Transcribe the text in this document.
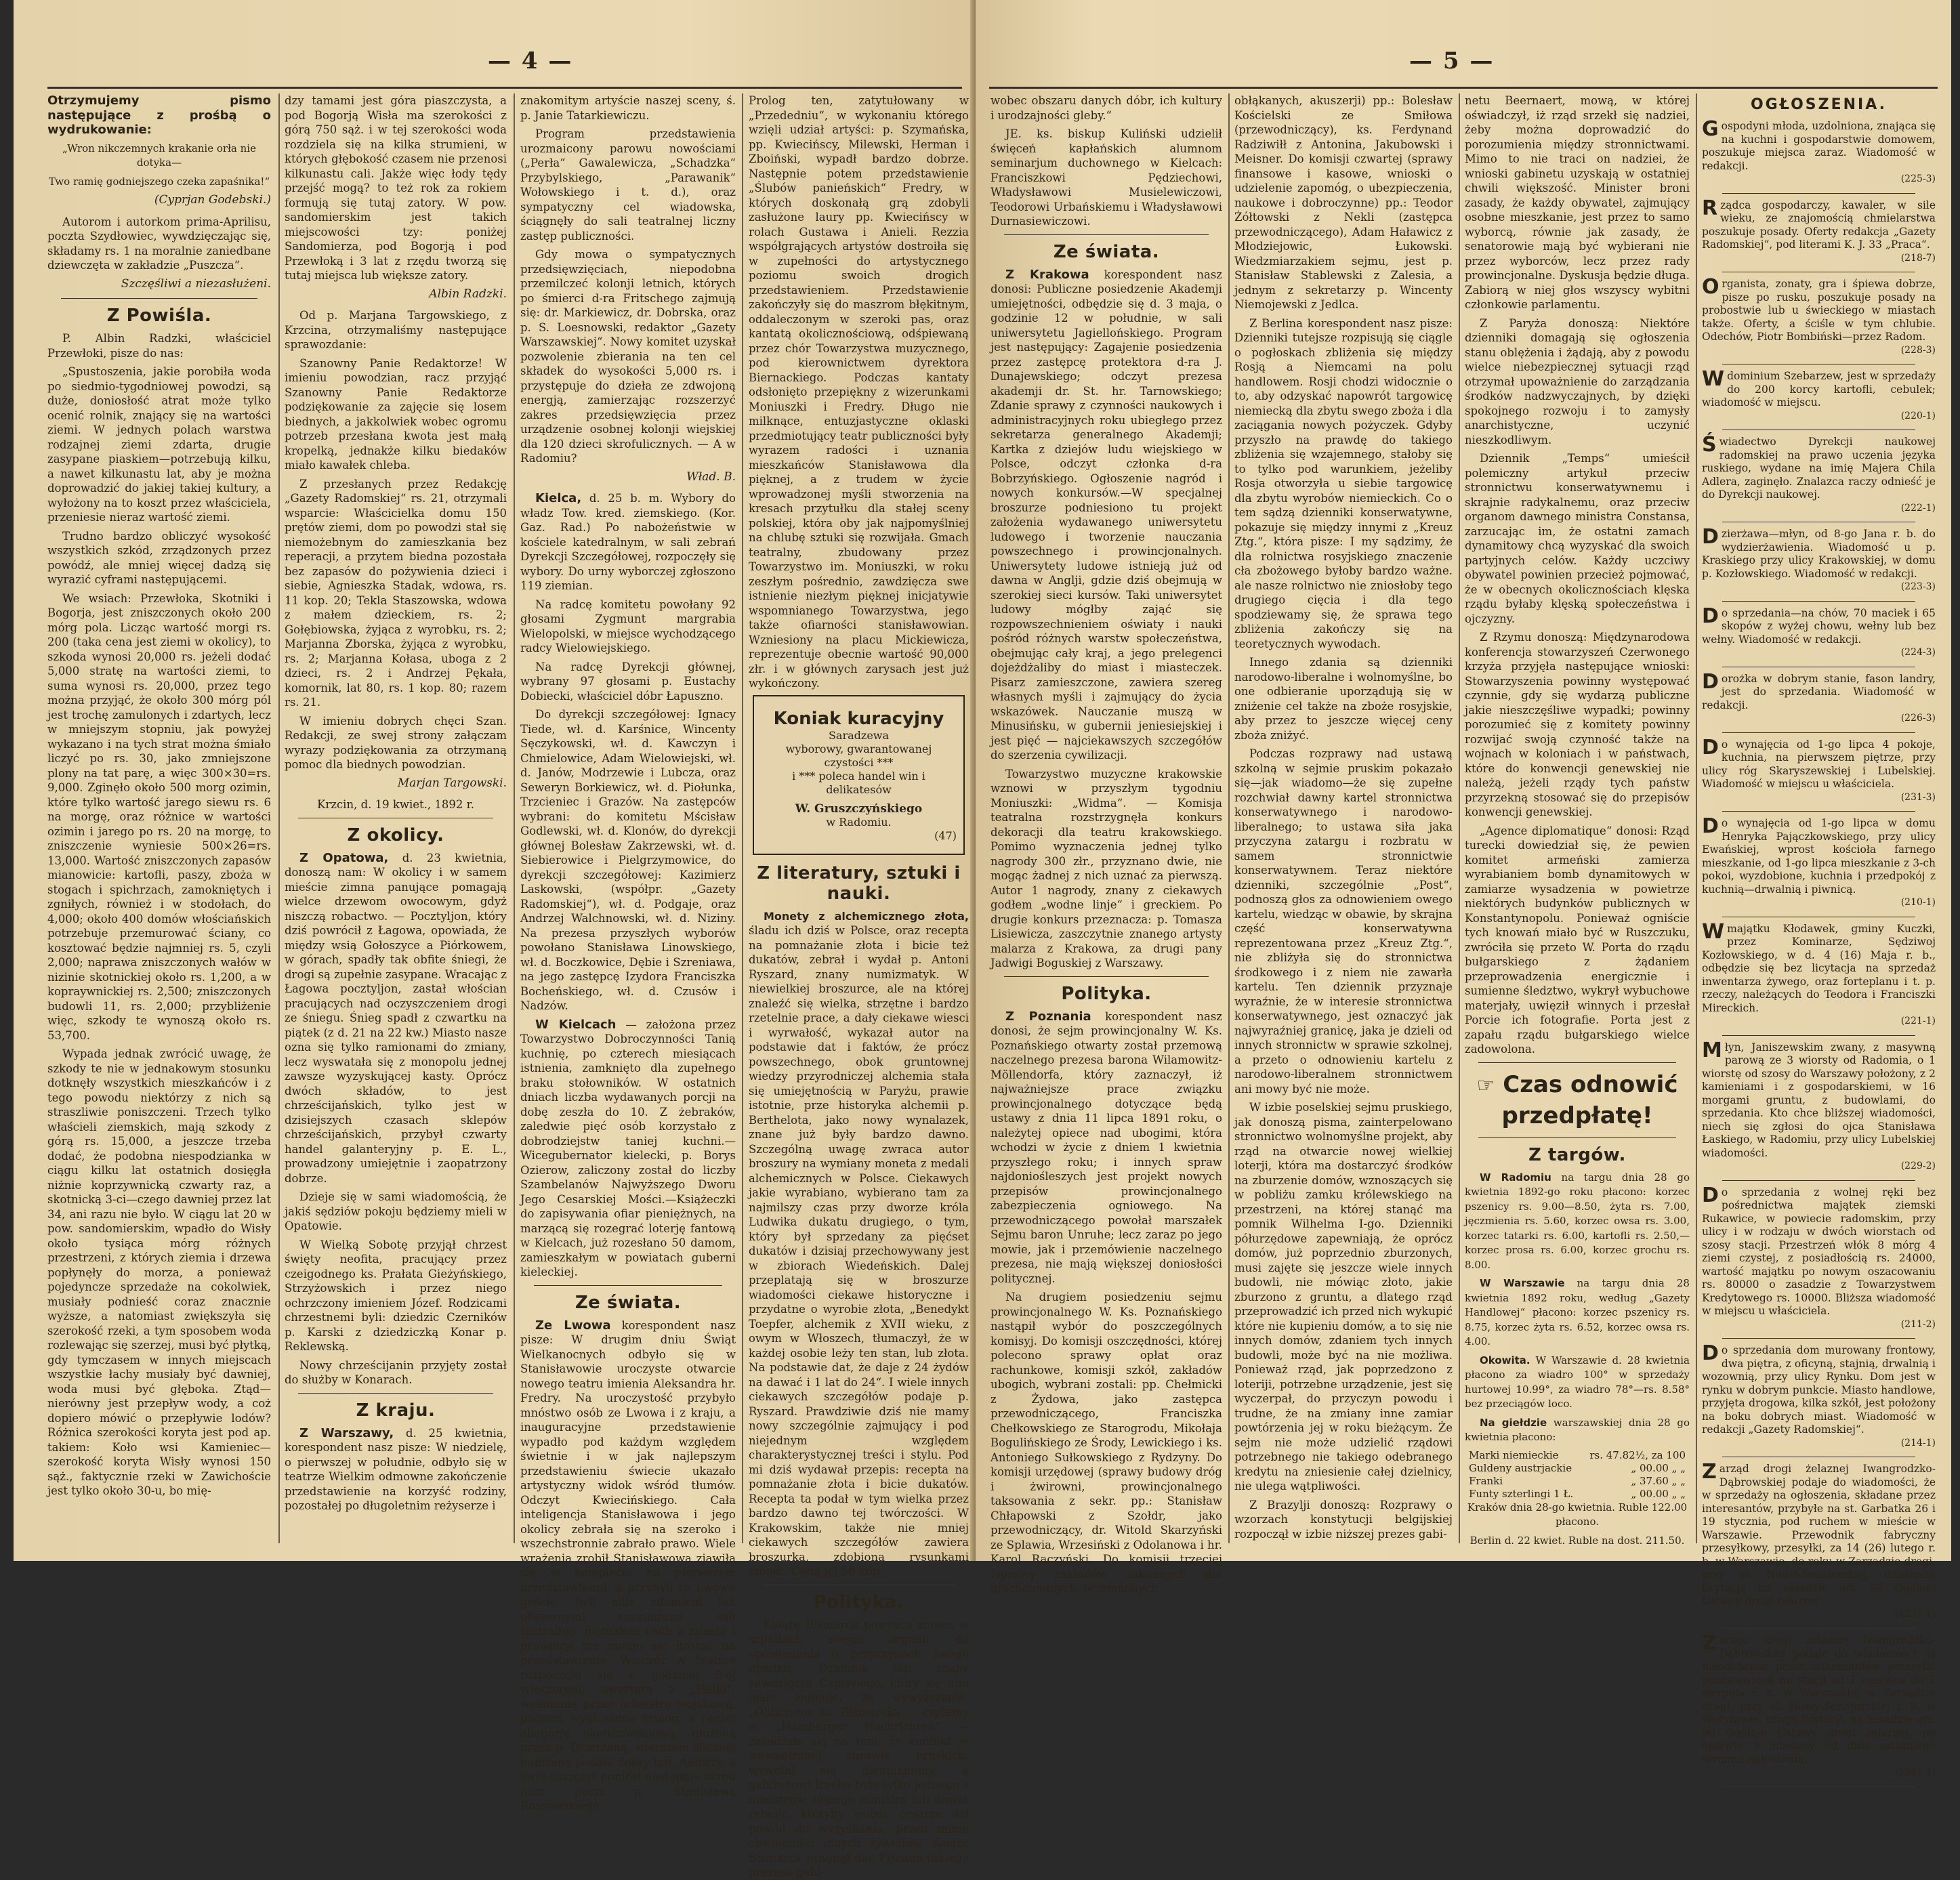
— 4 —

Otrzymujemy pismo następujące z prośbą o wydrukowanie:

„Wron nikczemnych krakanie orła nie dotyka—

Two ramię godniejszego czeka zapaśnika!“

(Cyprjan Godebski.)

Autorom i autorkom prima-Aprilisu, poczta Szydłowiec, wywdzięczając się, składamy rs. 1 na moralnie zaniedbane dziewczęta w zakładzie „Puszcza“.

Szczęśliwi a niezasłużeni.

Z Powiśla.

P. Albin Radzki, właściciel Przewłoki, pisze do nas:

„Spustoszenia, jakie porobiła woda po siedmio-tygodniowej powodzi, są duże, doniosłość atrat może tylko ocenić rolnik, znający się na wartości ziemi. W jednych polach warstwa rodzajnej ziemi zdarta, drugie zasypane piaskiem—potrzebują kilku, a nawet kilkunastu lat, aby je można doprowadzić do jakiej takiej kultury, a wyłożony na to koszt przez właściciela, przeniesie nieraz wartość ziemi.

Trudno bardzo obliczyć wysokość wszystkich szkód, zrządzonych przez powódź, ale mniej więcej dadzą się wyrazić cyframi następującemi.

We wsiach: Przewłoka, Skotniki i Bogorja, jest zniszczonych około 200 mórg pola. Licząc wartość morgi rs. 200 (taka cena jest ziemi w okolicy), to szkoda wynosi 20,000 rs. jeżeli dodać 5,000 stratę na wartości ziemi, to suma wynosi rs. 20,000, przez tego można przyjąć, że około 300 mórg pól jest trochę zamulonych i zdartych, lecz w mniejszym stopniu, jak powyżej wykazano i na tych strat można śmiało liczyć po rs. 30, jako zmniejszone plony na tat parę, a więc 300×30=rs. 9,000. Zginęło około 500 morg ozimin, które tylko wartość jarego siewu rs. 6 na morgę, oraz różnice w wartości ozimin i jarego po rs. 20 na morgę, to zniszczenie wyniesie 500×26=rs. 13,000. Wartość zniszczonych zapasów mianowicie: kartofli, paszy, zboża w stogach i spichrzach, zamokniętych i zgniłych, również i w stodołach, do 4,000; około 400 domów włościańskich potrzebuje przemurować ściany, co kosztować będzie najmniej rs. 5, czyli 2,000; naprawa zniszczonych wałów w nizinie skotnickiej około rs. 1,200, a w kopraywnickiej rs. 2,500; zniszczonych budowli 11, rs. 2,000; przybliżenie więc, szkody te wynoszą około rs. 53,700.

Wypada jednak zwrócić uwagę, że szkody te nie w jednakowym stosunku dotknęły wszystkich mieszkańców i z tego powodu niektórzy z nich są straszliwie poniszczeni. Trzech tylko właścieli ziemskich, mają szkody z górą rs. 15,000, a jeszcze trzeba dodać, że podobna niespodzianka w ciągu kilku lat ostatnich dosięgła niżnie koprzywnicką czwarty raz, a skotnicką 3-ci—czego dawniej przez lat 34, ani razu nie było. W ciągu lat 20 w pow. sandomierskim, wpadło do Wisły około tysiąca mórg różnych przestrzeni, z których ziemia i drzewa popłynęły do morza, a ponieważ pojedyncze sprzedaże na cokolwiek, musiały podnieść coraz znacznie wyższe, a natomiast zwiększyła się szerokość rzeki, a tym sposobem woda rozlewając się szerzej, musi być płytką, gdy tymczasem w innych miejscach wszystkie łachy musiały być dawniej, woda musi być głęboka. Ztąd—nierówny jest przepływ wody, a coż dopiero mówić o przepływie lodów? Różnica szerokości koryta jest pod ap. takiem: Koło wsi Kamieniec—szerokość koryta Wisły wynosi 150 sąż., faktycznie rzeki w Zawichoście jest tylko około 30-u, bo mię-

dzy tamami jest góra piaszczysta, a pod Bogorją Wisła ma szerokości z górą 750 sąż. i w tej szerokości woda rozdziela się na kilka strumieni, w których głębokość czasem nie przenosi kilkunastu cali. Jakże więc łody tędy przejść mogą? to też rok za rokiem formują się tutaj zatory. W pow. sandomierskim jest takich miejscowości tzy: poniżej Sandomierza, pod Bogorją i pod Przewłoką i 3 lat z rzędu tworzą się tutaj miejsca lub większe zatory.

Albin Radzki.

Od p. Marjana Targowskiego, z Krzcina, otrzymaliśmy następujące sprawozdanie:

Szanowny Panie Redaktorze! W imieniu powodzian, racz przyjąć Szanowny Panie Redaktorze podziękowanie za zajęcie się losem biednych, a jakkolwiek wobec ogromu potrzeb przesłana kwota jest małą kropelką, jednakże kilku biedaków miało kawałek chleba.

Z przesłanych przez Redakcję „Gazety Radomskiej“ rs. 21, otrzymali wsparcie: Właścicielka domu 150 prętów ziemi, dom po powodzi stał się niemożebnym do zamieszkania bez reperacji, a przytem biedna pozostała bez zapasów do pożywienia dzieci i siebie, Agnieszka Stadak, wdowa, rs. 11 kop. 20; Tekla Staszowska, wdowa z małem dzieckiem, rs. 2; Gołębiowska, żyjąca z wyrobku, rs. 2; Marjanna Zborska, żyjąca z wyrobku, rs. 2; Marjanna Kołasa, uboga z 2 dzieci, rs. 2 i Andrzej Pękała, komornik, lat 80, rs. 1 kop. 80; razem rs. 21.

W imieniu dobrych chęci Szan. Redakcji, ze swej strony załączam wyrazy podziękowania za otrzymaną pomoc dla biednych powodzian.

Marjan Targowski.

Krzcin, d. 19 kwiet., 1892 r.

Z okolicy.

Z Opatowa, d. 23 kwietnia, donoszą nam: W okolicy i w samem mieście zimna panujące pomagają wielce drzewom owocowym, gdyż niszczą robactwo. — Pocztyljon, który dziś powrócił z Łagowa, opowiada, że między wsią Gołoszyce a Piórkowem, w górach, spadły tak obfite śniegi, że drogi są zupełnie zasypane. Wracając z Łagowa pocztyljon, zastał włościan pracujących nad oczyszczeniem drogi ze śniegu. Śnieg spadł z czwartku na piątek (z d. 21 na 22 kw.) Miasto nasze ozna się tylko ramionami do zmiany, lecz wyswatała się z monopolu jednej zawsze wyzyskującej kasty. Oprócz dwóch składów, to jest chrześcijańskich, tylko jest w dzisiejszych czasach sklepów chrześcijańskich, przybył czwarty handel galanteryjny p. E. L., prowadzony umiejętnie i zaopatrzony dobrze.

Dzieje się w sami wiadomością, że jakiś sędziów pokoju będziemy mieli w Opatowie.

W Wielką Sobotę przyjął chrzest święty neofita, pracujący przez czeigodnego ks. Prałata Gieżyńskiego, Strzyżowskich i przez niego ochrzczony imieniem Józef. Rodzicami chrzestnemi byli: dziedzic Czerników p. Karski z dziedziczką Konar p. Reklewską.

Nowy chrześcijanin przyjęty został do służby w Konarach.

Z kraju.

Z Warszawy, d. 25 kwietnia, korespondent nasz pisze: W niedzielę, o pierwszej w południe, odbyło się w teatrze Wielkim odmowne zakończenie przedstawienie na korzyść rodziny, pozostałej po długoletnim reżyserze i

znakomitym artyście naszej sceny, ś. p. Janie Tatarkiewiczu.

Program przedstawienia urozmaicony parowu nowościami („Perła“ Gawalewicza, „Schadzka“ Przybylskiego, „Parawanik“ Wołowskiego i t. d.), oraz sympatyczny cel wiadowska, ściągnęły do sali teatralnej liczny zastęp publiczności.

Gdy mowa o sympatycznych przedsięwzięciach, niepodobna przemilczeć kolonji letnich, których po śmierci d-ra Fritschego zajmują się: dr. Markiewicz, dr. Dobrska, oraz p. S. Loesnowski, redaktor „Gazety Warszawskiej“. Nowy komitet uzyskał pozwolenie zbierania na ten cel składek do wysokości 5,000 rs. i przystępuje do dzieła ze zdwojoną energją, zamierzając rozszerzyć zakres przedsięwzięcia przez urządzenie osobnej kolonji wiejskiej dla 120 dzieci skrofulicznych. — A w Radomiu?

Wład. B.

Kielca, d. 25 b. m. Wybory do władz Tow. kred. ziemskiego. (Kor. Gaz. Rad.) Po nabożeństwie w kościele katedralnym, w sali zebrań Dyrekcji Szczegółowej, rozpoczęły się wybory. Do urny wyborczej zgłoszono 119 ziemian.

Na radcę komitetu powołany 92 głosami Zygmunt margrabia Wielopolski, w miejsce wychodzącego radcy Wielowiejskiego.

Na radcę Dyrekcji głównej, wybrany 97 głosami p. Eustachy Dobiecki, właściciel dóbr Łapuszno.

Do dyrekcji szczegółowej: Ignacy Tiede, wł. d. Karśnice, Wincenty Sęczykowski, wł. d. Kawczyn i Chmielowice, Adam Wielowiejski, wł. d. Janów, Modrzewie i Lubcza, oraz Seweryn Borkiewicz, wł. d. Piołunka, Trzcieniec i Grazów. Na zastępców wybrani: do komitetu Mścisław Godlewski, wł. d. Klonów, do dyrekcji głównej Bolesław Zakrzewski, wł. d. Siebierowice i Pielgrzymowice, do dyrekcji szczegółowej: Kazimierz Laskowski, (współpr. „Gazety Radomskiej“), wł. d. Podgaje, oraz Andrzej Walchnowski, wł. d. Niziny. Na prezesa przyszłych wyborów powołano Stanisława Linowskiego, wł. d. Boczkowice, Dębie i Szreniawa, na jego zastępcę Izydora Franciszka Bocheńskiego, wł. d. Czusów i Nadzów.

W Kielcach — założona przez Towarzystwo Dobroczynności Tanią kuchnię, po czterech miesiącach istnienia, zamknięto dla zupełnego braku stołowników. W ostatnich dniach liczba wydawanych porcji na dobę zeszła do 10. Z żebraków, zaledwie pięć osób korzystało z dobrodziejstw taniej kuchni.—Wicegubernator kielecki, p. Borys Ozierow, zaliczony został do liczby Szambelanów Najwyższego Dworu Jego Cesarskiej Mości.—Książeczki do zapisywania ofiar pieniężnych, na marzącą się rozegrać loterję fantową w Kielcach, już rozesłano 50 damom, zamieszkałym w powiatach guberni kieleckiej.

Ze świata.

Ze Lwowa korespondent nasz pisze: W drugim dniu Świąt Wielkanocnych odbyło się w Stanisławowie uroczyste otwarcie nowego teatru imienia Aleksandra hr. Fredry. Na uroczystość przybyło mnóstwo osób ze Lwowa i z kraju, a inauguracyjne przedstawienie wypadło pod każdym względem świetnie i w jak najlepszym przedstawieniu świecie ukazało artystyczny widok wśród tłumów. Odczyt Kwiecińskiego. Cała inteligencja Stanisławowa i jego okolicy zebrała się na szeroko i wszechstronnie zabrało prawo. Wiele wrażenia zrobił Stanisławowa zjawiła się w komplecie na pierwszem przedstawieniu, a przybyli ze Lwowa goście, byli mile zdumieni tak obszernymi rozmiarami sali teatralnej, niemałem osób z miasta i prowincji nie mogło się dostać na przedstawienie. Wieczór w teatrze rozpoczęło się o godzinie 8-ej wieczorem, uwerturą z „Halki“, wykonaną przez orkiestrę wojskową, poczem wygłoszono prolog, a raczej allegorję okolicznościową, ułożoną przez p. Dzierżaną, wierszem ślicznie napisaną podała dobry ton. Aktorzy, a swój zaszczyt poniósł następnie ośród nam poczt p. Stanisława Rossowskiego.

Prolog ten, zatytułowany w „Przededniu“, w wykonaniu którego wzięli udział artyści: p. Szymańska, pp. Kwiecińscy, Milewski, Herman i Zboiński, wypadł bardzo dobrze. Następnie potem przedstawienie „Ślubów panieńskich“ Fredry, w których doskonałą grą zdobyli zasłużone laury pp. Kwiecińscy w rolach Gustawa i Anieli. Rezzia współgrających artystów dostroiła się w zupełności do artystycznego poziomu swoich drogich przedstawieniem. Przedstawienie zakończyły się do maszrom błękitnym, oddaleczonym w szeroki pas, oraz kantatą okolicznościową, odśpiewaną przez chór Towarzystwa muzycznego, pod kierownictwem dyrektora Biernackiego. Podczas kantaty odsłonięto przepiękny z wizerunkami Moniuszki i Fredry. Długo nie milknące, entuzjastyczne oklaski przedmiotujący teatr publiczności były wyrazem radości i uznania mieszkańców Stanisławowa dla pięknej, a z trudem w życie wprowadzonej myśli stworzenia na kresach przytułku dla stałej sceny polskiej, która oby jak najpomyślniej na chlubę sztuki się rozwijała. Gmach teatralny, zbudowany przez Towarzystwo im. Moniuszki, w roku zeszłym pośrednio, zawdzięcza swe istnienie niezłym pięknej inicjatywie wspomnianego Towarzystwa, jego także ofiarności stanisławowian. Wzniesiony na placu Mickiewicza, reprezentuje obecnie wartość 90,000 złr. i w głównych zarysach jest już wykończony.

Koniak kuracyjny
Saradzewa
wyborowy, gwarantowanej czystości ***
i *** poleca handel win i delikatesów
W. Gruszczyńskiego
w Radomiu.
(47)
Z literatury, sztuki i nauki.

Monety z alchemicznego złota, śladu ich dziś w Polsce, oraz recepta na pomnażanie złota i bicie też dukatów, zebrał i wydał p. Antoni Ryszard, znany numizmatyk. W niewielkiej broszurce, ale na której znaleźć się wielka, strzętne i bardzo rzetelnie prace, a dały ciekawe wiesci i wyrwałość, wykazał autor na podstawie dat i faktów, że prócz powszechnego, obok gruntownej wiedzy przyrodniczej alchemia stała się umiejętnością w Paryżu, prawie istotnie, prze historyka alchemii p. Berthelota, jako nowy wynalazek, znane już były bardzo dawno. Szczególną uwagę zwraca autor broszury na wymiany moneta z medali alchemicznych w Polsce. Ciekawych jakie wyrabiano, wybierano tam za najmilszy czas przy dworze króla Ludwika dukatu drugiego, o tym, który był sprzedany za pięćset dukatów i dzisiaj przechowywany jest w zbiorach Wiedeńskich. Dalej przeplatają się w broszurze wiadomości ciekawe historyczne i przydatne o wyrobie złota, „Benedykt Toepfer, alchemik z XVII wieku, z owym w Włoszech, tłumaczył, że w każdej osobie leży ten stan, lub złota. Na podstawie dat, że daje z 24 żydów na dawać i 1 lat do 24“. I wiele innych ciekawych szczegółów podaje p. Ryszard. Prawdziwie dziś nie mamy nowy szczególnie zajmujący i pod niejednym względem charakterystycznej treści i stylu. Pod mi dziś wydawał przepis: recepta na pomnażanie złota i bicie dukatów. Recepta ta podał w tym wielka przez bardzo dawno tej twórczości. W Krakowskim, także nie mniej ciekawych szczegółów zawiera broszurka, zdobiona rysunkami monet. Cena jej 50 kop.

Polityka.

Książę Bismarck powraca znowu w szpaltach swego organu do opowiadania o przyczynach swego upadku. Dziennik ten znany zawdzięcza Capriviego, który się nim mało zajmuje, że wywyższenie. „Obliczenie ks. Bismarcka — czytamy w „Hamburger Nachrichten“ — zasadzało się na tem, że konflikt w wewnętrznej sprawie pruskich, wywołał się nieunikniony, a gabinetowi trzeba było tylko jednego z ministrów, tęgiego ministra lub nawet rebelje, któryby wobec cesarza dał powód do wyzyskania, przed mimo chwiejności innych żywiołów. Książę Bismarck pragnął dać Prusom takiego prezesa gabi-

— 5 —

wobec obszaru danych dóbr, ich kultury i urodzajności gleby.“

JE. ks. biskup Kuliński udzielił święceń kapłańskich alumnom seminarjum duchownego w Kielcach: Franciszkowi Pędziechowi, Władysławowi Musielewiczowi, Teodorowi Urbańskiemu i Władysławowi Durnasiewiczowi.

Ze świata.

Z Krakowa korespondent nasz donosi: Publiczne posiedzenie Akademji umiejętności, odbędzie się d. 3 maja, o godzinie 12 w południe, w sali uniwersytetu Jagiellońskiego. Program jest następujący: Zagajenie posiedzenia przez zastępcę protektora d-ra J. Dunajewskiego; odczyt prezesa akademji dr. St. hr. Tarnowskiego; Zdanie sprawy z czynności naukowych i administracyjnych roku ubiegłego przez sekretarza generalnego Akademji; Kartka z dziejów ludu wiejskiego w Polsce, odczyt członka d-ra Bobrzyńskiego. Ogłoszenie nagród i nowych konkursów.—W specjalnej broszurze podniesiono tu projekt założenia wydawanego uniwersytetu ludowego i tworzenie nauczania powszechnego i prowincjonalnych. Uniwersytety ludowe istnieją już od dawna w Anglji, gdzie dziś obejmują w szerokiej sieci kursów. Taki uniwersytet ludowy mógłby zająć się rozpowszechnieniem oświaty i nauki pośród różnych warstw społeczeństwa, obejmując cały kraj, a jego prelegenci dojeżdżaliby do miast i miasteczek. Pisarz zamieszczone, zawiera szereg własnych myśli i zajmujący do życia wskazówek. Nauczanie muszą w Minusińsku, w gubernii jeniesiejskiej i jest pięć — najciekawszych szczegółów do szerzenia cywilizacji.

Towarzystwo muzyczne krakowskie wznowi w przyszłym tygodniu Moniuszki: „Widma“. — Komisja teatralna rozstrzygnęła konkurs dekoracji dla teatru krakowskiego. Pomimo wyznaczenia jednej tylko nagrody 300 złr., przyznano dwie, nie mogąc żadnej z nich uznać za pierwszą. Autor 1 nagrody, znany z ciekawych godłem „wodne linje“ i greckiem. Po drugie konkurs przeznacza: p. Tomasza Lisiewicza, zaszczytnie znanego artysty malarza z Krakowa, za drugi pany Jadwigi Boguskiej z Warszawy.

Polityka.

Z Poznania korespondent nasz donosi, że sejm prowincjonalny W. Ks. Poznańskiego otwarty został przemową naczelnego prezesa barona Wilamowitz-Möllendorfa, który zaznaczył, iż najważniejsze prace związku prowincjonalnego dotyczące będą ustawy z dnia 11 lipca 1891 roku, o należytej opiece nad ubogimi, która wchodzi w życie z dniem 1 kwietnia przyszłego roku; i innych spraw najdoniośleszych jest projekt nowych przepisów prowincjonalnego zabezpieczenia ogniowego. Na przewodniczącego powołał marszałek Sejmu baron Unruhe; lecz zaraz po jego mowie, jak i przemówienie naczelnego prezesa, nie mają większej doniosłości politycznej.

Na drugiem posiedzeniu sejmu prowincjonalnego W. Ks. Poznańskiego nastąpił wybór do poszczególnych komisyj. Do komisji oszczędności, której polecono sprawy opłat oraz rachunkowe, komisji szkół, zakładów ubogich, wybrani zostali: pp. Chełmicki z Żydowa, jako zastępca przewodniczącego, Franciszka Chełkowskiego ze Starogrodu, Mikołaja Bogulińskiego ze Środy, Lewickiego i ks. Antoniego Sułkowskiego z Rydzyny. Do komisji urzędowej (sprawy budowy dróg i żwirowni, prowincjonalnego taksowania z sekr. pp.: Stanisław Chłapowski z Szołdr, jako przewodniczący, dr. Witold Skarzyński ze Splawia, Wrzesiński z Odolanowa i hr. Karol Raczyński. Do komisji trzeciej (sprawy zakładów zakonnych dla głuchoniemych, ociemniałych,

obłąkanych, akuszerji) pp.: Bolesław Kościelski ze Smiłowa (przewodniczący), ks. Ferdynand Radziwiłł z Antonina, Jakubowski i Meisner. Do komisji czwartej (sprawy finansowe i kasowe, wnioski o udzielenie zapomóg, o ubezpieczenia, naukowe i dobroczynne) pp.: Teodor Żółtowski z Nekli (zastępca przewodniczącego), Adam Haławicz z Młodziejowic, Łukowski. Wiedzmiarzakiem sejmu, jest p. Stanisław Stablewski z Zalesia, a jednym z sekretarzy p. Wincenty Niemojewski z Jedlca.

Z Berlina korespondent nasz pisze: Dzienniki tutejsze rozpisują się ciągle o pogłoskach zbliżenia się między Rosją a Niemcami na polu handlowem. Rosji chodzi widocznie o to, aby odzyskać napowrót targowicę niemiecką dla zbytu swego zboża i dla zaciągania nowych pożyczek. Gdyby przyszło na prawdę do takiego zbliżenia się wzajemnego, stałoby się to tylko pod warunkiem, jeżeliby Rosja otworzyła u siebie targowicę dla zbytu wyrobów niemieckich. Co o tem sądzą dzienniki konserwatywne, pokazuje się między innymi z „Kreuz Ztg.“, która pisze: I my sądzimy, że dla rolnictwa rosyjskiego znaczenie cła zbożowego byłoby bardzo ważne. ale nasze rolnictwo nie zniosłoby tego drugiego cięcia i dla tego spodziewamy się, że sprawa tego zbliżenia zakończy się na teoretycznych wywodach.

Innego zdania są dzienniki narodowo-liberalne i wolnomyślne, bo one odbieranie uporządują się w zniżenie ceł także na zboże rosyjskie, aby przez to jeszcze więcej ceny zboża zniżyć.

Podczas rozprawy nad ustawą szkolną w sejmie pruskim pokazało się—jak wiadomo—że się zupełne rozchwiał dawny kartel stronnictwa konserwatywnego i narodowo-liberalnego; to ustawa siła jaka przyczyna zatargu i rozbratu w samem stronnictwie konserwatywnem. Teraz niektóre dzienniki, szczególnie „Post“, podnoszą głos za odnowieniem owego kartelu, wiedząc w obawie, by skrajna część konserwatywna reprezentowana przez „Kreuz Ztg.“, nie zbliżyła się do stronnictwa środkowego i z niem nie zawarła kartelu. Ten dziennik przyznaje wyraźnie, że w interesie stronnictwa konserwatywnego, jest oznaczyć jak najwyraźniej granicę, jaka je dzieli od innych stronnictw w sprawie szkolnej, a przeto o odnowieniu kartelu z narodowo-liberalnem stronnictwem ani mowy być nie może.

W izbie poselskiej sejmu pruskiego, jak donoszą pisma, zainterpelowano stronnictwo wolnomyślne projekt, aby rząd na otwarcie nowej wielkiej loterji, która ma dostarczyć środków na zburzenie domów, wznoszących się w pobliżu zamku królewskiego na przestrzeni, na której stanąć ma pomnik Wilhelma I-go. Dzienniki półurzędowe zapewniają, że oprócz domów, już poprzednio zburzonych, musi zajęte się jeszcze wiele innych budowli, nie mówiąc złoto, jakie zburzono z gruntu, a dlatego rząd przeprowadzić ich przed nich wykupić które nie kupieniu domów, a to się nie innych domów, zdaniem tych innych budowli, może być na nie możliwa. Ponieważ rząd, jak poprzedzono z loteriji, potrzebne urządzenie, jest się wyczerpał, do przyczyn powodu i trudne, że na zmiany inne zamiar powtórzenia jej w roku bieżącym. Że sejm nie może udzielić rządowi potrzebnego nie takiego odebranego kredytu na zniesienie całej dzielnicy, nie ulega wątpliwości.

Z Brazylji donoszą: Rozprawy o wzorzach konstytucji belgijskiej rozpoczął w izbie niższej prezes gabi-

netu Beernaert, mową, w której oświadczył, iż rząd srzekł się nadziei, żeby można doprowadzić do porozumienia między stronnictwami. Mimo to nie traci on nadziei, że wnioski gabinetu uzyskają w ostatniej chwili większość. Minister broni zasady, że każdy obywatel, zajmujący osobne mieszkanie, jest przez to samo wyborcą, równie jak zasady, że senatorowie mają być wybierani nie przez wyborców, lecz przez rady prowincjonalne. Dyskusja będzie długa. Zabiorą w niej głos wszyscy wybitni członkowie parlamentu.

Z Paryża donoszą: Niektóre dzienniki domagają się ogłoszenia stanu oblężenia i żądają, aby z powodu wielce niebezpiecznej sytuacji rząd otrzymał upoważnienie do zarządzania środków nadzwyczajnych, by dzięki spokojnego rozwoju i to zamysły anarchistyczne, uczynić nieszkodliwym.

Dziennik „Temps“ umieścił polemiczny artykuł przeciw stronnictwu konserwatywnemu i skrajnie radykalnemu, oraz przeciw organom dawnego ministra Constansa, zarzucając im, że ostatni zamach dynamitowy chcą wyzyskać dla swoich partyjnych celów. Każdy uczciwy obywatel powinien przecież pojmować, że w obecnych okolicznościach klęska rządu byłaby klęską społeczeństwa i ojczyzny.

Z Rzymu donoszą: Międzynarodowa konferencja stowarzyszeń Czerwonego krzyża przyjęła następujące wnioski: Stowarzyszenia powinny występować czynnie, gdy się wydarzą publiczne jakie nieszczęśliwe wypadki; powinny porozumieć się z komitety powinny rozwijać swoją czynność także na wojnach w koloniach i w państwach, które do konwencji genewskiej nie należą, jeżeli rządy tych państw przyrzekną stosować się do przepisów konwencji genewskiej.

„Agence diplomatique“ donosi: Rząd turecki dowiedział się, że pewien komitet armeński zamierza wyrabianiem bomb dynamitowych w zamiarze wysadzenia w powietrze niektórych budynków publicznych w Konstantynopolu. Ponieważ ogniście tych knowań miało być w Ruszczuku, zwróciła się przeto W. Porta do rządu bułgarskiego z żądaniem przeprowadzenia energicznie i sumienne śledztwo, wykrył wybuchowe materjały, uwięził winnych i przesłał Porcie ich fotografie. Porta jest z zapału rządu bułgarskiego wielce zadowolona.

☞ Czas odnowić
przedpłatę!
Z targów.

W Radomiu na targu dnia 28 go kwietnia 1892-go roku płacono: korzec pszenicy rs. 9.00—8.50, żyta rs. 7.00, jęczmienia rs. 5.60, korzec owsa rs. 3.00, korzec tatarki rs. 6.00, kartofli rs. 2.50,—korzec prosa rs. 6.00, korzec grochu rs. 8.00.

W Warszawie na targu dnia 28 kwietnia 1892 roku, według „Gazety Handlowej“ płacono: korzec pszenicy rs. 8.75, korzec żyta rs. 6.52, korzec owsa rs. 4.00.

Okowita. W Warszawie d. 28 kwietnia płacono za wiadro 100° w sprzedaży hurtowej 10.99°, za wiadro 78°—rs. 8.58° bez przeciągów loco.

Na giełdzie warszawskiej dnia 28 go kwietnia płacono:

Marki niemieckie	rs. 47.82½, za 100
Guldeny austrjackie	„ 00.00 „ „
Franki	„ 37.60 „ „
Funty szterlingi 1 Ł.	„ 00.00 „ „

Kraków dnia 28-go kwietnia. Ruble 122.00 płacono.

Berlin d. 22 kwiet. Ruble na dost. 211.50.

OGŁOSZENIA.
Gospodyni młoda, uzdolniona, znająca się na kuchni i gospodarstwie domowem, poszukuje miejsca zaraz. Wiadomość w redakcji.
(225-3)
Rządca gospodarczy, kawaler, w sile wieku, ze znajomością chmielarstwa poszukuje posady. Oferty redakcja „Gazety Radomskiej“, pod literami K. J. 33 „Praca“.
(218-7)
Organista, zonaty, gra i śpiewa dobrze, pisze po rusku, poszukuje posady na probostwie lub u świeckiego w miastach także. Oferty, a ściśle w tym chlubie. Odechów, Piotr Bombiński—przez Radom.
(228-3)
Wdominium Szebarzew, jest w sprzedaży do 200 korcy kartofli, cebulek; wiadomość w miejscu.
(220-1)
Świadectwo Dyrekcji naukowej radomskiej na prawo uczenia języka ruskiego, wydane na imię Majera Chila Adlera, zaginęło. Znalazca raczy odnieść je do Dyrekcji naukowej.
(222-1)
Dzierżawa—młyn, od 8-go Jana r. b. do wydzierżawienia. Wiadomość u p. Kraskiego przy ulicy Krakowskiej, w domu p. Kozłowskiego. Wiadomość w redakcji.
(223-3)
Do sprzedania—na chów, 70 maciek i 65 skopów z wyżej chowu, wełny lub bez wełny. Wiadomość w redakcji.
(224-3)
Dorożka w dobrym stanie, fason landry, jest do sprzedania. Wiadomość w redakcji.
(226-3)
Do wynajęcia od 1-go lipca 4 pokoje, kuchnia, na pierwszem piętrze, przy ulicy róg Skaryszewskiej i Lubelskiej. Wiadomość w miejscu u właściciela.
(231-3)
Do wynajęcia od 1-go lipca w domu Henryka Pajączkowskiego, przy ulicy Ewańskiej, wprost kościoła farnego mieszkanie, od 1-go lipca mieszkanie z 3-ch pokoi, wyzdobione, kuchnia i przedpokój z kuchnią—drwalnią i piwnicą.
(210-1)
Wmajątku Kłodawek, gminy Kuczki, przez Kominarze, Sędziwoj Kozłowskiego, w d. 4 (16) Maja r. b., odbędzie się bez licytacja na sprzedaż inwentarza żywego, oraz forteplanu i t. p. rzeczy, należących do Teodora i Franciszki Mireckich.
(221-1)
Młyn, Janiszewskim zwany, z masywną parową ze 3 wiorsty od Radomia, o 1 wiorstę od szosy do Warszawy położony, z 2 kamieniami i z gospodarskiemi, w 16 morgami gruntu, z budowlami, do sprzedania. Kto chce bliższej wiadomości, niech się zgłosi do ojca Stanisława Łaskiego, w Radomiu, przy ulicy Lubelskiej wiadomości.
(229-2)
Do sprzedania z wolnej ręki bez pośrednictwa majątek ziemski Rukawice, w powiecie radomskim, przy ulicy i w rodzaju w dwóch wiorstach od szosy stacji. Przestrzeń włók 8 mórg 4 ziemi czystej, z posiadłością rs. 24000, wartość majątku po nowym oszacowaniu rs. 80000 o zasadzie z Towarzystwem Kredytowego rs. 10000. Bliższa wiadomość w miejscu u właściciela.
(211-2)
Do sprzedania dom murowany frontowy, dwa piętra, z oficyną, stajnią, drwalnią i wozownią, przy ulicy Rynku. Dom jest w rynku w dobrym punkcie. Miasto handlowe, przyjęta drogowa, kilka szkół, jest położony na boku dobrych miast. Wiadomość w redakcji „Gazety Radomskiej“.
(214-1)
Zarząd drogi żelaznej Iwangrodzko-Dąbrowskiej podaje do wiadomości, że w sprzedaży na ogłoszenia, składane przez interesantów, przybyłe na st. Garbatka 26 i 19 stycznia, pod ruchem w mieście w Warszawie. Przewodnik fabryczny przesyłkowy, przesyłki, za 14 (26) lutego r. b. w Warszawie, do roku w Zarządzie drogi, przy ul. Nowo-Senatorskiej, dzisiejszą licytacją na zasadzie art. 90 Ogólnej Ustawy drogi żelaznej.
(4231-1)
Zarząd drogi żelaznej Iwangrodzko-Dąbrowskiej podaje do wiadomości, iż nieodebrane przez interesantów przesyłki pozostawione na stacji od 1 czerwca do 1 sierpnia r. b. w Warszawie, w Zarządzie drogi, przy ul. Nowy-Senatorskiej r. b. w Warszawie, drogą licytacji, na zasadzie art. 90 Ogólnej Ustawy drogi żelaznej, po upływie 3 miesięcy od dnia ostatniego terminu ogłoszenia.
(5281-1)
